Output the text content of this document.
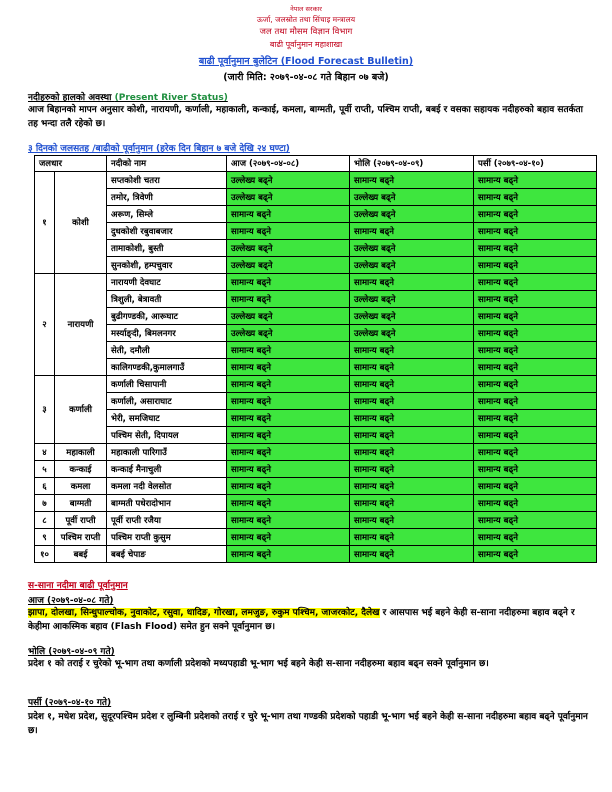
नेपाल सरकार
ऊर्जा, जलस्रोत तथा सिंचाइ मन्त्रालय
जल तथा मौसम विज्ञान विभाग
बाढी पूर्वानुमान महाशाखा
बाढी पूर्वानुमान बुलेटिन (Flood Forecast Bulletin)
(जारी मिति: २०७९-०४-०८ गते बिहान ०७ बजे)
नदीहरुको हालको अवस्था (Present River Status)
आज बिहानको मापन अनुसार कोशी, नारायणी, कर्णाली, महाकाली, कन्काई, कमला, बाग्मती, पूर्वी राप्ती, पश्चिम राप्ती, बबई र वसका सहायक नदीहरुको बहाव सतर्कता तह भन्दा तलै रहेको छ।
३ दिनको जलसतह /बाढीको पूर्वानुमान (हरेक दिन बिहान ७ बजे देखि २४ घण्टा)
जलधार		नदीको नाम	आज (२०७९-०४-०८)	भोलि (२०७९-०४-०९)	पर्सी (२०७९-०४-१०)
१	कोशी	सप्तकोशी चतरा	उल्लेख्य बढ्ने	सामान्य बढ्ने	सामान्य बढ्ने
		तमोर, त्रिवेणी	उल्लेख्य बढ्ने	उल्लेख्य बढ्ने	सामान्य बढ्ने
		अरूण, सिम्ले	सामान्य बढ्ने	उल्लेख्य बढ्ने	सामान्य बढ्ने
		दुधकोशी रबुवाबजार	सामान्य बढ्ने	सामान्य बढ्ने	सामान्य बढ्ने
		तामाकोशी, बुस्ती	उल्लेख्य बढ्ने	उल्लेख्य बढ्ने	सामान्य बढ्ने
		सुनकोशी, हम्पचुवार	उल्लेख्य बढ्ने	उल्लेख्य बढ्ने	सामान्य बढ्ने
२	नारायणी	नारायणी देवघाट	सामान्य बढ्ने	सामान्य बढ्ने	सामान्य बढ्ने
		त्रिशुली, बेत्रावती	सामान्य बढ्ने	उल्लेख्य बढ्ने	सामान्य बढ्ने
		बुढीगण्डकी, आरूघाट	उल्लेख्य बढ्ने	उल्लेख्य बढ्ने	सामान्य बढ्ने
		मर्स्याङ्दी, बिमलनगर	उल्लेख्य बढ्ने	उल्लेख्य बढ्ने	सामान्य बढ्ने
		सेती, दमौली	सामान्य बढ्ने	सामान्य बढ्ने	सामान्य बढ्ने
		कालिगण्डकी,कुमालगाउँ	सामान्य बढ्ने	सामान्य बढ्ने	सामान्य बढ्ने
३	कर्णाली	कर्णाली चिसापानी	सामान्य बढ्ने	सामान्य बढ्ने	सामान्य बढ्ने
		कर्णाली, असाराघाट	सामान्य बढ्ने	सामान्य बढ्ने	सामान्य बढ्ने
		भेरी, समजिघाट	सामान्य बढ्ने	सामान्य बढ्ने	सामान्य बढ्ने
		पश्चिम सेती, दिपायल	सामान्य बढ्ने	सामान्य बढ्ने	सामान्य बढ्ने
४	महाकाली	महाकाली पारिगाउँ	सामान्य बढ्ने	सामान्य बढ्ने	सामान्य बढ्ने
५	कन्काई	कन्काई मैनाचुली	सामान्य बढ्ने	सामान्य बढ्ने	सामान्य बढ्ने
६	कमला	कमला नदी वेलसोत	सामान्य बढ्ने	सामान्य बढ्ने	सामान्य बढ्ने
७	बाग्मती	बाग्मती पधेरादोभान	सामान्य बढ्ने	सामान्य बढ्ने	सामान्य बढ्ने
८	पूर्वी राप्ती	पूर्वी राप्ती रजैया	सामान्य बढ्ने	सामान्य बढ्ने	सामान्य बढ्ने
९	पश्चिम राप्ती	पश्चिम राप्ती कुसुम	सामान्य बढ्ने	सामान्य बढ्ने	सामान्य बढ्ने
१०	बबई	बबई चेपाङ	सामान्य बढ्ने	सामान्य बढ्ने	सामान्य बढ्ने
स-साना नदीमा बाढी पूर्वानुमान
आज (२०७९-०४-०८ गते)
झापा, दोलखा, सिन्धुपाल्चोक, नुवाकोट, रसुवा, धादिङ, गोरखा, लमजुङ, रुकुम पश्चिम, जाजरकोट, दैलेख र आसपास भई बहने केही स-साना नदीहरुमा बहाव बढ्ने र केहीमा आकस्मिक बहाव (Flash Flood) समेत हुन सक्ने पूर्वानुमान छ।
भोलि (२०७९-०४-०९ गते)
प्रदेश १ को तराई र चुरेको भू-भाग तथा कर्णाली प्रदेशको मध्यपहाडी भू-भाग भई बहने केही स-साना नदीहरुमा बहाव बढ्न सक्ने पूर्वानुमान छ।
पर्सी (२०७९-०४-१० गते)
प्रदेश १, मधेश प्रदेश, सुदूरपश्चिम प्रदेश र लुम्बिनी प्रदेशको तराई र चुरे भू-भाग तथा गण्डकी प्रदेशको पहाडी भू-भाग भई बहने केही स-साना नदीहरुमा बहाव बढ्ने पूर्वानुमान छ।
